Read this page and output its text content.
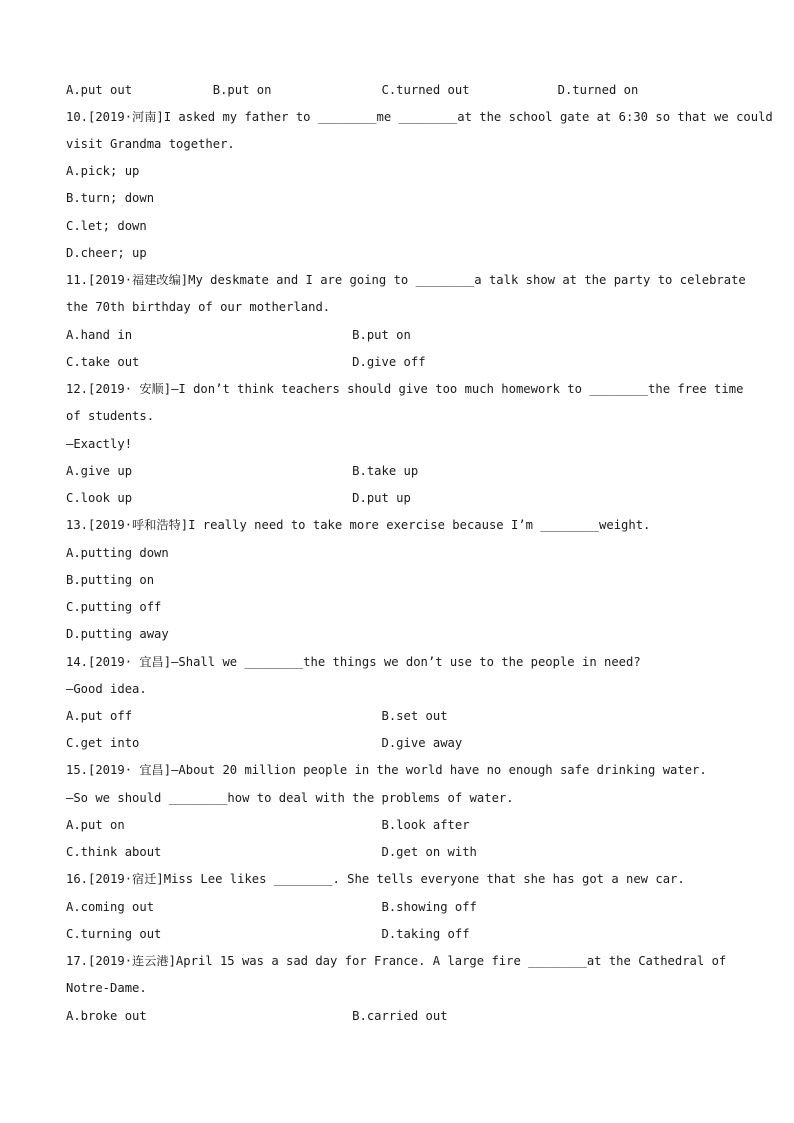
A.put out           B.put on               C.turned out            D.turned on
10.[2019·河南]I asked my father to ________me ________at the school gate at 6:30 so that we could
visit Grandma together.
A.pick; up
B.turn; down
C.let; down
D.cheer; up
11.[2019·福建改编]My deskmate and I are going to ________a talk show at the party to celebrate
the 70th birthday of our motherland.
A.hand in                              B.put on
C.take out                             D.give off
12.[2019· 安顺]—I don’t think teachers should give too much homework to ________the free time
of students.
—Exactly!
A.give up                              B.take up
C.look up                              D.put up
13.[2019·呼和浩特]I really need to take more exercise because I’m ________weight.
A.putting down
B.putting on
C.putting off
D.putting away
14.[2019· 宜昌]—Shall we ________the things we don’t use to the people in need?
—Good idea.
A.put off                                  B.set out
C.get into                                 D.give away
15.[2019· 宜昌]—About 20 million people in the world have no enough safe drinking water.
—So we should ________how to deal with the problems of water.
A.put on                                   B.look after
C.think about                              D.get on with
16.[2019·宿迁]Miss Lee likes ________. She tells everyone that she has got a new car.
A.coming out                               B.showing off
C.turning out                              D.taking off
17.[2019·连云港]April 15 was a sad day for France. A large fire ________at the Cathedral of
Notre-Dame.
A.broke out                            B.carried out
